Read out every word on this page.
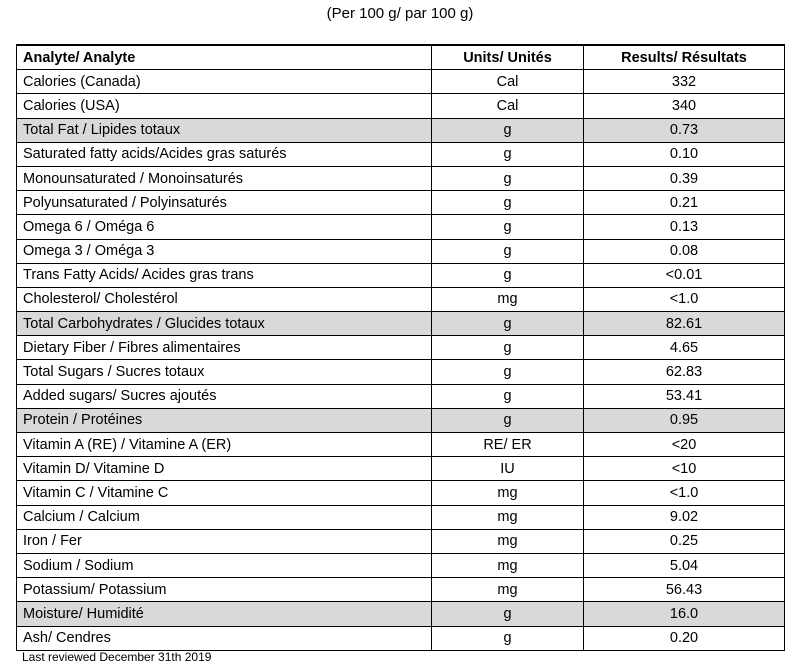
(Per 100 g/ par 100 g)
Analyte/ Analyte	Units/ Unités	Results/ Résultats
Calories (Canada)	Cal	332
Calories (USA)	Cal	340
Total Fat / Lipides totaux	g	0.73
Saturated fatty acids/Acides gras saturés	g	0.10
Monounsaturated / Monoinsaturés	g	0.39
Polyunsaturated / Polyinsaturés	g	0.21
Omega 6 / Oméga 6	g	0.13
Omega 3 / Oméga 3	g	0.08
Trans Fatty Acids/ Acides gras trans	g	<0.01
Cholesterol/ Cholestérol	mg	<1.0
Total Carbohydrates / Glucides totaux	g	82.61
Dietary Fiber / Fibres alimentaires	g	4.65
Total Sugars / Sucres totaux	g	62.83
Added sugars/ Sucres ajoutés	g	53.41
Protein / Protéines	g	0.95
Vitamin A (RE) / Vitamine A (ER)	RE/ ER	<20
Vitamin D/ Vitamine D	IU	<10
Vitamin C / Vitamine C	mg	<1.0
Calcium / Calcium	mg	9.02
Iron / Fer	mg	0.25
Sodium / Sodium	mg	5.04
Potassium/ Potassium	mg	56.43
Moisture/ Humidité	g	16.0
Ash/ Cendres	g	0.20
Last reviewed December 31th 2019
